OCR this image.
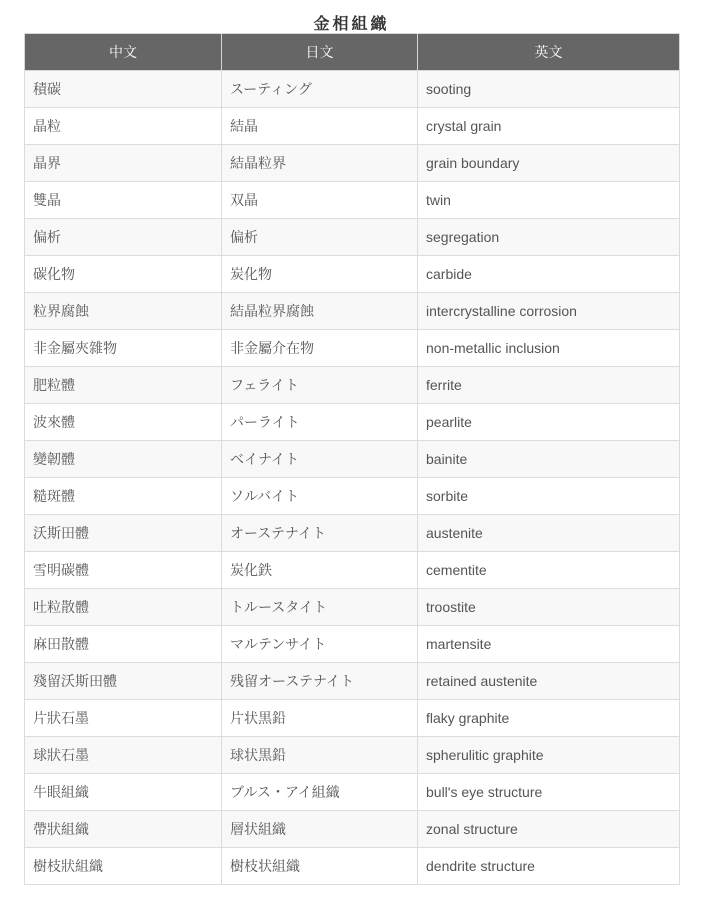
金相組織
中文	日文	英文
積碳	スーティング	sooting
晶粒	結晶	crystal grain
晶界	結晶粒界	grain boundary
雙晶	双晶	twin
偏析	偏析	segregation
碳化物	炭化物	carbide
粒界腐蝕	結晶粒界腐蝕	intercrystalline corrosion
非金屬夾雜物	非金屬介在物	non-metallic inclusion
肥粒體	フェライト	ferrite
波來體	パーライト	pearlite
變韌體	ベイナイト	bainite
糙斑體	ソルバイト	sorbite
沃斯田體	オーステナイト	austenite
雪明碳體	炭化鉄	cementite
吐粒散體	トルースタイト	troostite
麻田散體	マルテンサイト	martensite
殘留沃斯田體	残留オーステナイト	retained austenite
片狀石墨	片状黒鉛	flaky graphite
球狀石墨	球状黒鉛	spherulitic graphite
牛眼組織	ブルス・アイ組織	bull's eye structure
帶狀組織	層状組織	zonal structure
樹枝狀組織	樹枝状組織	dendrite structure
